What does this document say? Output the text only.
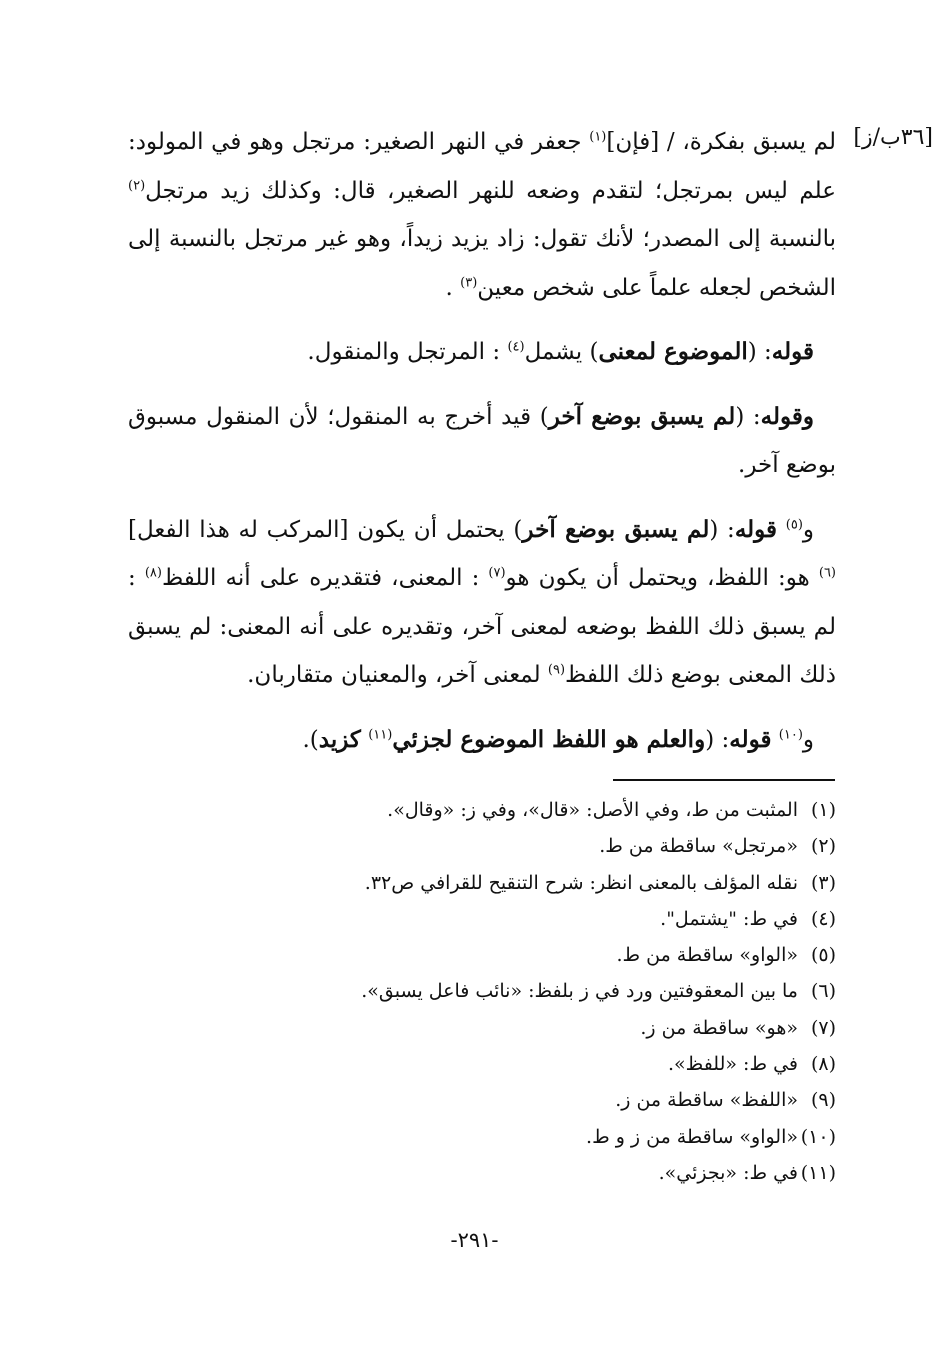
[٣٦ب/ز]

لم يسبق بفكرة، / [فإن]$^{(١)}$ جعفر في النهر الصغير: مرتجل وهو في المولود: علم ليس بمرتجل؛ لتقدم وضعه للنهر الصغير، قال: وكذلك زيد مرتجل$^{(٢)}$ بالنسبة إلى المصدر؛ لأنك تقول: زاد يزيد زيداً، وهو غير مرتجل بالنسبة إلى الشخص لجعله علماً على شخص معين$^{(٣)}$ .

قوله: (الموضوع لمعنى) يشمل$^{(٤)}$ : المرتجل والمنقول.

وقوله: (لم يسبق بوضع آخر) قيد أخرج به المنقول؛ لأن المنقول مسبوق بوضع آخر.

و$^{(٥)}$ قوله: (لم يسبق بوضع آخر) يحتمل أن يكون [المركب له هذا الفعل]$^{(٦)}$ هو: اللفظ، ويحتمل أن يكون هو$^{(٧)}$ : المعنى، فتقديره على أنه اللفظ$^{(٨)}$ : لم يسبق ذلك اللفظ بوضعه لمعنى آخر، وتقديره على أنه المعنى: لم يسبق ذلك المعنى بوضع ذلك اللفظ$^{(٩)}$ لمعنى آخر، والمعنيان متقاربان.

و$^{(١٠)}$ قوله: (والعلم هو اللفظ الموضوع لجزئي$^{(١١)}$ كزيد).

(١)المثبت من ط، وفي الأصل: «قال»، وفي ز: «وقال».
(٢)«مرتجل» ساقطة من ط.
(٣)نقله المؤلف بالمعنى انظر: شرح التنقيح للقرافي ص٣٢.
(٤)في ط: "يشتمل".
(٥)«الواو» ساقطة من ط.
(٦)ما بين المعقوفتين ورد في ز بلفظ: «نائب فاعل يسبق».
(٧)«هو» ساقطة من ز.
(٨)في ط: «للفظ».
(٩)«اللفظ» ساقطة من ز.
(١٠)«الواو» ساقطة من ز و ط.
(١١)في ط: «بجزئي».
-٢٩١-
